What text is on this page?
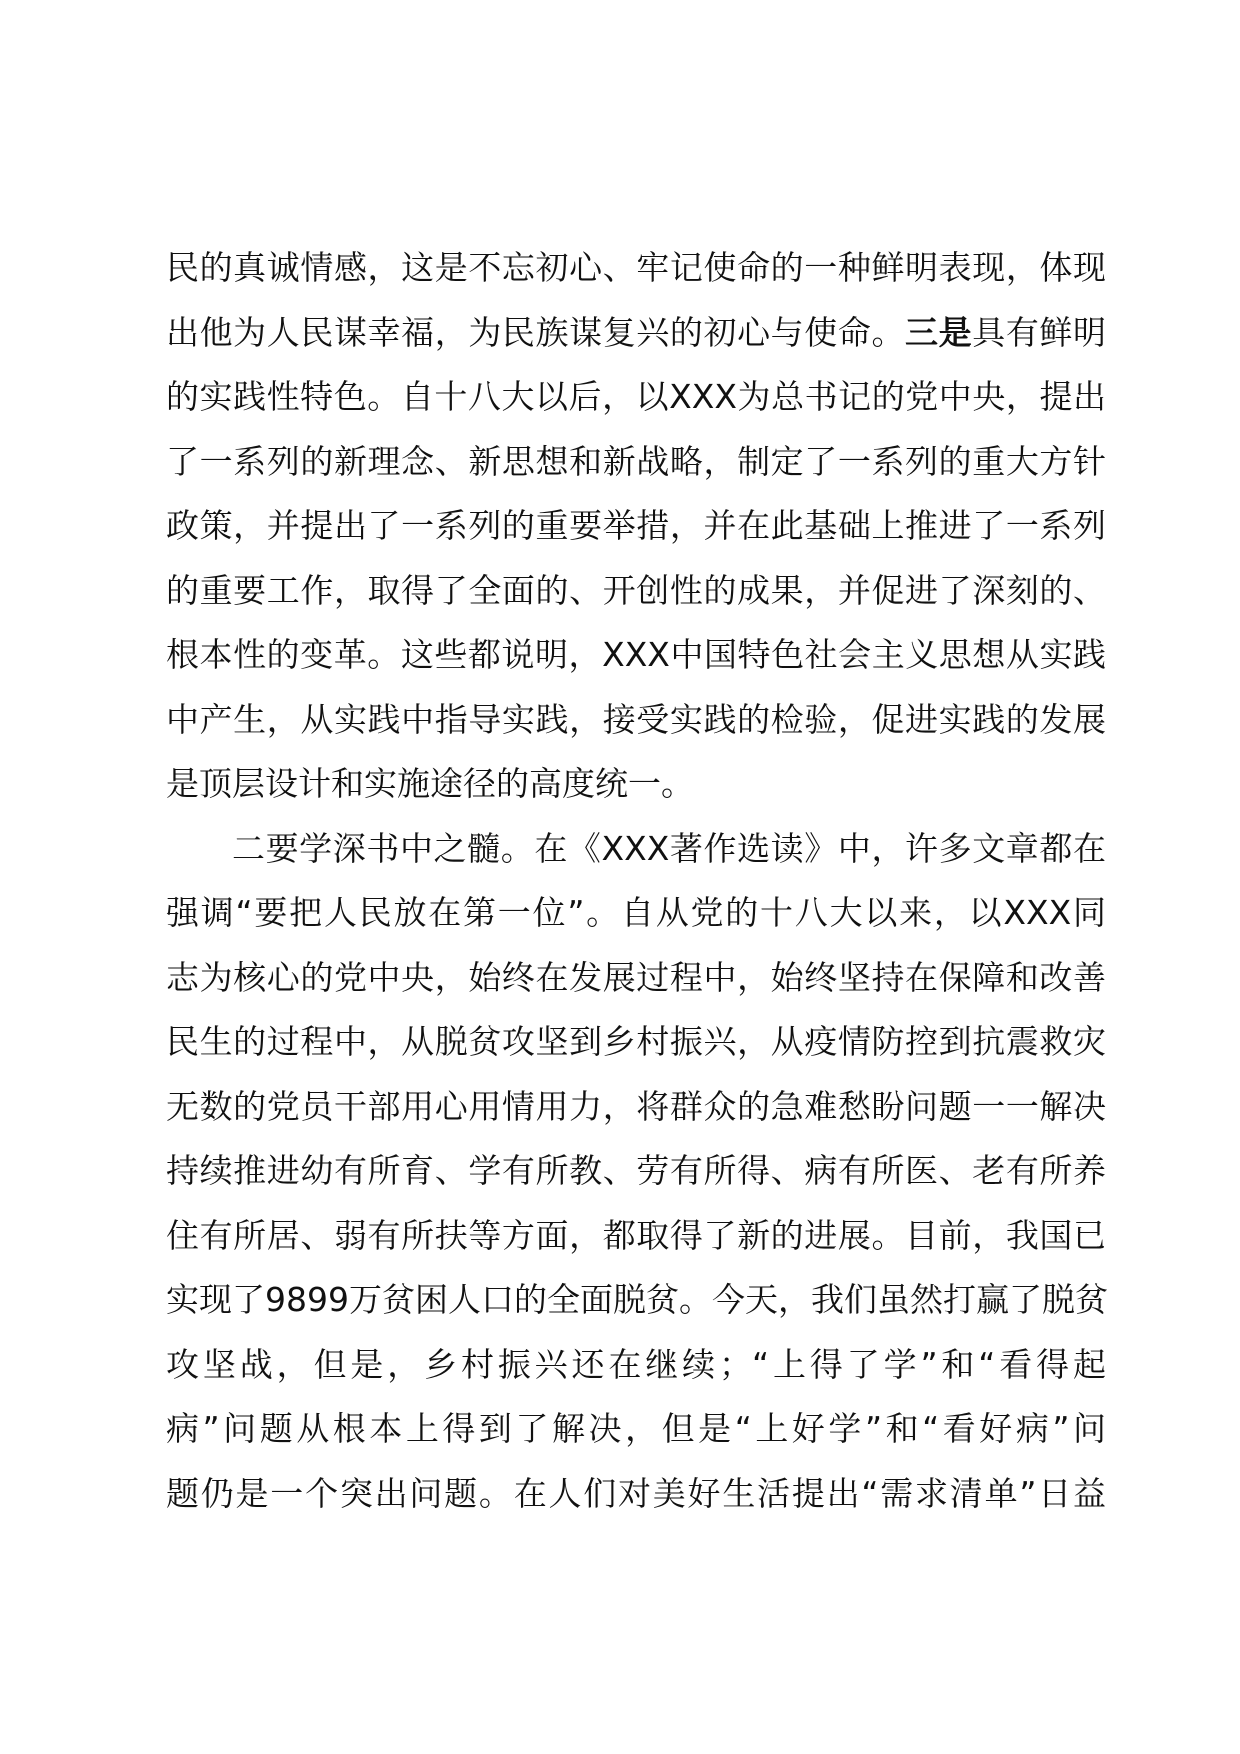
民的真诚情感，这是不忘初心、牢记使命的一种鲜明表现，体现
出他为人民谋幸福，为民族谋复兴的初心与使命。三是具有鲜明
的实践性特色。自十八大以后，以XXX为总书记的党中央，提出
了一系列的新理念、新思想和新战略，制定了一系列的重大方针
政策，并提出了一系列的重要举措，并在此基础上推进了一系列
的重要工作，取得了全面的、开创性的成果，并促进了深刻的、
根本性的变革。这些都说明，XXX中国特色社会主义思想从实践
中产生，从实践中指导实践，接受实践的检验，促进实践的发展
是顶层设计和实施途径的高度统一。
二要学深书中之髓。在《XXX著作选读》中，许多文章都在
强调“要把人民放在第一位”。自从党的十八大以来，以XXX同
志为核心的党中央，始终在发展过程中，始终坚持在保障和改善
民生的过程中，从脱贫攻坚到乡村振兴，从疫情防控到抗震救灾
无数的党员干部用心用情用力，将群众的急难愁盼问题一一解决
持续推进幼有所育、学有所教、劳有所得、病有所医、老有所养
住有所居、弱有所扶等方面，都取得了新的进展。目前，我国已
实现了9899万贫困人口的全面脱贫。今天，我们虽然打赢了脱贫
攻坚战，但是，乡村振兴还在继续；“上得了学”和“看得起
病”问题从根本上得到了解决，但是“上好学”和“看好病”问
题仍是一个突出问题。在人们对美好生活提出“需求清单”日益
